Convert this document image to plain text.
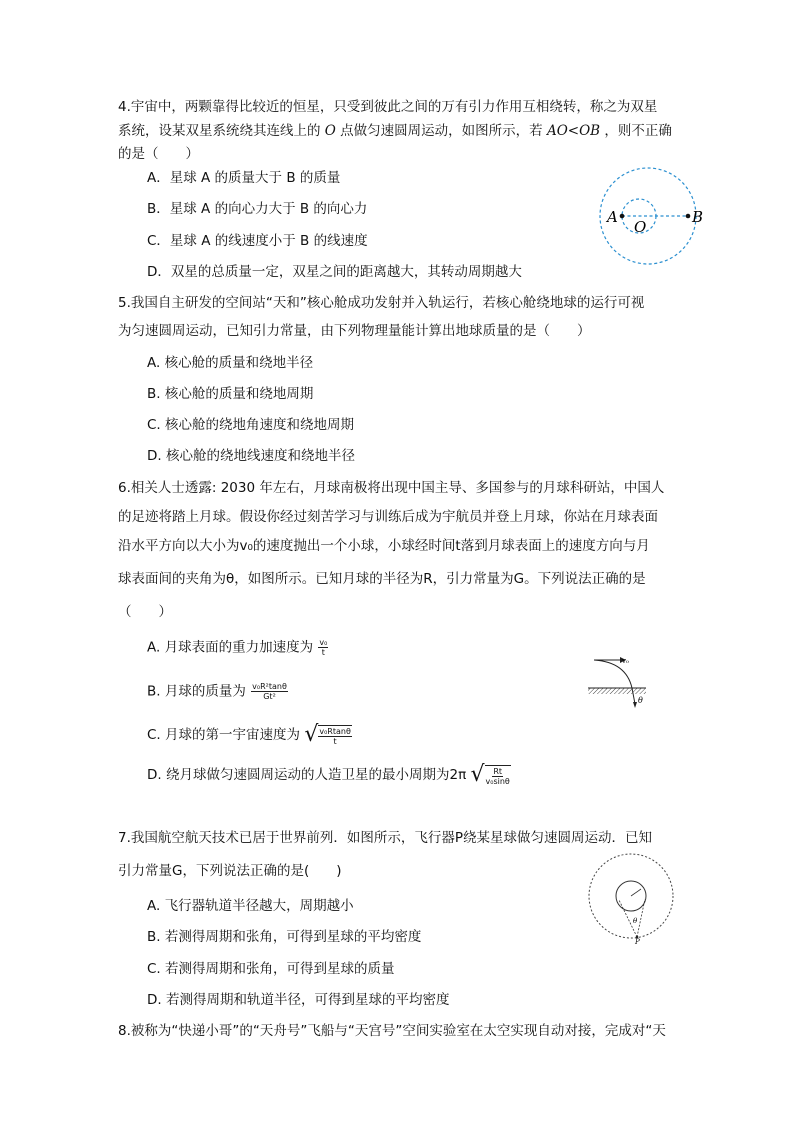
4.宇宙中，两颗靠得比较近的恒星，只受到彼此之间的万有引力作用互相绕转，称之为双星
系统，设某双星系统绕其连线上的 O 点做匀速圆周运动，如图所示，若 AO<OB ，则不正确
的是（　　）
A．星球 A 的质量大于 B 的质量
B．星球 A 的向心力大于 B 的向心力
C．星球 A 的线速度小于 B 的线速度
D．双星的总质量一定，双星之间的距离越大，其转动周期越大
A
O
B
5.我国自主研发的空间站“天和”核心舱成功发射并入轨运行，若核心舱绕地球的运行可视
为匀速圆周运动，已知引力常量，由下列物理量能计算出地球质量的是（　　）
A. 核心舱的质量和绕地半径
B. 核心舱的质量和绕地周期
C. 核心舱的绕地角速度和绕地周期
D. 核心舱的绕地线速度和绕地半径
6.相关人士透露: 2030 年左右，月球南极将出现中国主导、多国参与的月球科研站，中国人
的足迹将踏上月球。假设你经过刻苦学习与训练后成为宇航员并登上月球，你站在月球表面
沿水平方向以大小为v₀的速度抛出一个小球，小球经时间t落到月球表面上的速度方向与月
球表面间的夹角为θ，如图所示。已知月球的半径为R，引力常量为G。下列说法正确的是
（　　）
A. 月球表面的重力加速度为 $\frac{\text{v₀}}{t}$
B. 月球的质量为 $\frac{\text{v₀R²tanθ}}{\text{Gt²}}$
C. 月球的第一宇宙速度为 √ $\frac{\text{v₀Rtanθ}}{t}$
D. 绕月球做匀速圆周运动的人造卫星的最小周期为2π √ $\frac{Rt}{\text{v₀sinθ}}$
v₀
θ
7.我国航空航天技术已居于世界前列．如图所示，飞行器P绕某星球做匀速圆周运动．已知
引力常量G，下列说法正确的是(　　)
A. 飞行器轨道半径越大，周期越小
B. 若测得周期和张角，可得到星球的平均密度
C. 若测得周期和张角，可得到星球的质量
D. 若测得周期和轨道半径，可得到星球的平均密度
θ
P
8.被称为“快递小哥”的“天舟号”飞船与“天宫号”空间实验室在太空实现自动对接，完成对“天
